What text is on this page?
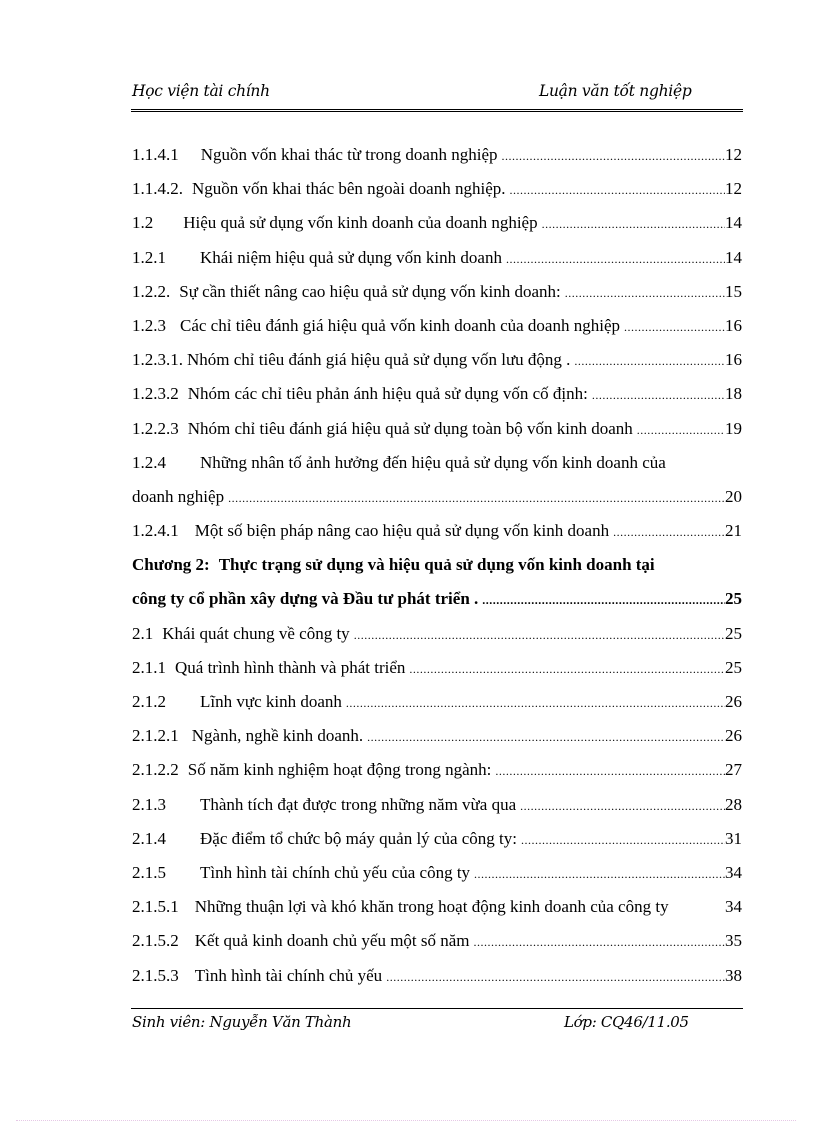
Học viện tài chính	Luận văn tốt nghiệp
1.1.4.1 Nguồn vốn khai thác từ trong doanh nghiệp .....	12
1.1.4.2. Nguồn vốn khai thác bên ngoài doanh nghiệp. .....	12
1.2 Hiệu quả sử dụng vốn kinh doanh của doanh nghiệp .....	14
1.2.1 Khái niệm hiệu quả sử dụng vốn kinh doanh .....	14
1.2.2. Sự cần thiết nâng cao hiệu quả sử dụng vốn kinh doanh: .....	15
1.2.3 Các chỉ tiêu đánh giá hiệu quả vốn kinh doanh của doanh nghiệp .....	16
1.2.3.1. Nhóm chỉ tiêu đánh giá hiệu quả sử dụng vốn lưu động . .....	16
1.2.3.2 Nhóm các chỉ tiêu phản ánh hiệu quả sử dụng vốn cố định: .....	18
1.2.2.3 Nhóm chỉ tiêu đánh giá hiệu quả sử dụng toàn bộ vốn kinh doanh .....	19
1.2.4 Những nhân tố ảnh hưởng đến hiệu quả sử dụng vốn kinh doanh của
doanh nghiệp .....	20
1.2.4.1 Một số biện pháp nâng cao hiệu quả sử dụng vốn kinh doanh .....	21
Chương 2: Thực trạng sử dụng và hiệu quả sử dụng vốn kinh doanh tại
công ty cổ phần xây dựng và Đầu tư phát triển . .....	25
2.1 Khái quát chung về công ty .....	25
2.1.1 Quá trình hình thành và phát triển .....	25
2.1.2 Lĩnh vực kinh doanh .....	26
2.1.2.1 Ngành, nghề kinh doanh. .....	26
2.1.2.2 Số năm kinh nghiệm hoạt động trong ngành: .....	27
2.1.3 Thành tích đạt được trong những năm vừa qua .....	28
2.1.4 Đặc điểm tổ chức bộ máy quản lý của công ty: .....	31
2.1.5 Tình hình tài chính chủ yếu của công ty .....	34
2.1.5.1 Những thuận lợi và khó khăn trong hoạt động kinh doanh của công ty	34
2.1.5.2 Kết quả kinh doanh chủ yếu một số năm .....	35
2.1.5.3 Tình hình tài chính chủ yếu .....	38
Sinh viên: Nguyễn Văn Thành	Lớp: CQ46/11.05
